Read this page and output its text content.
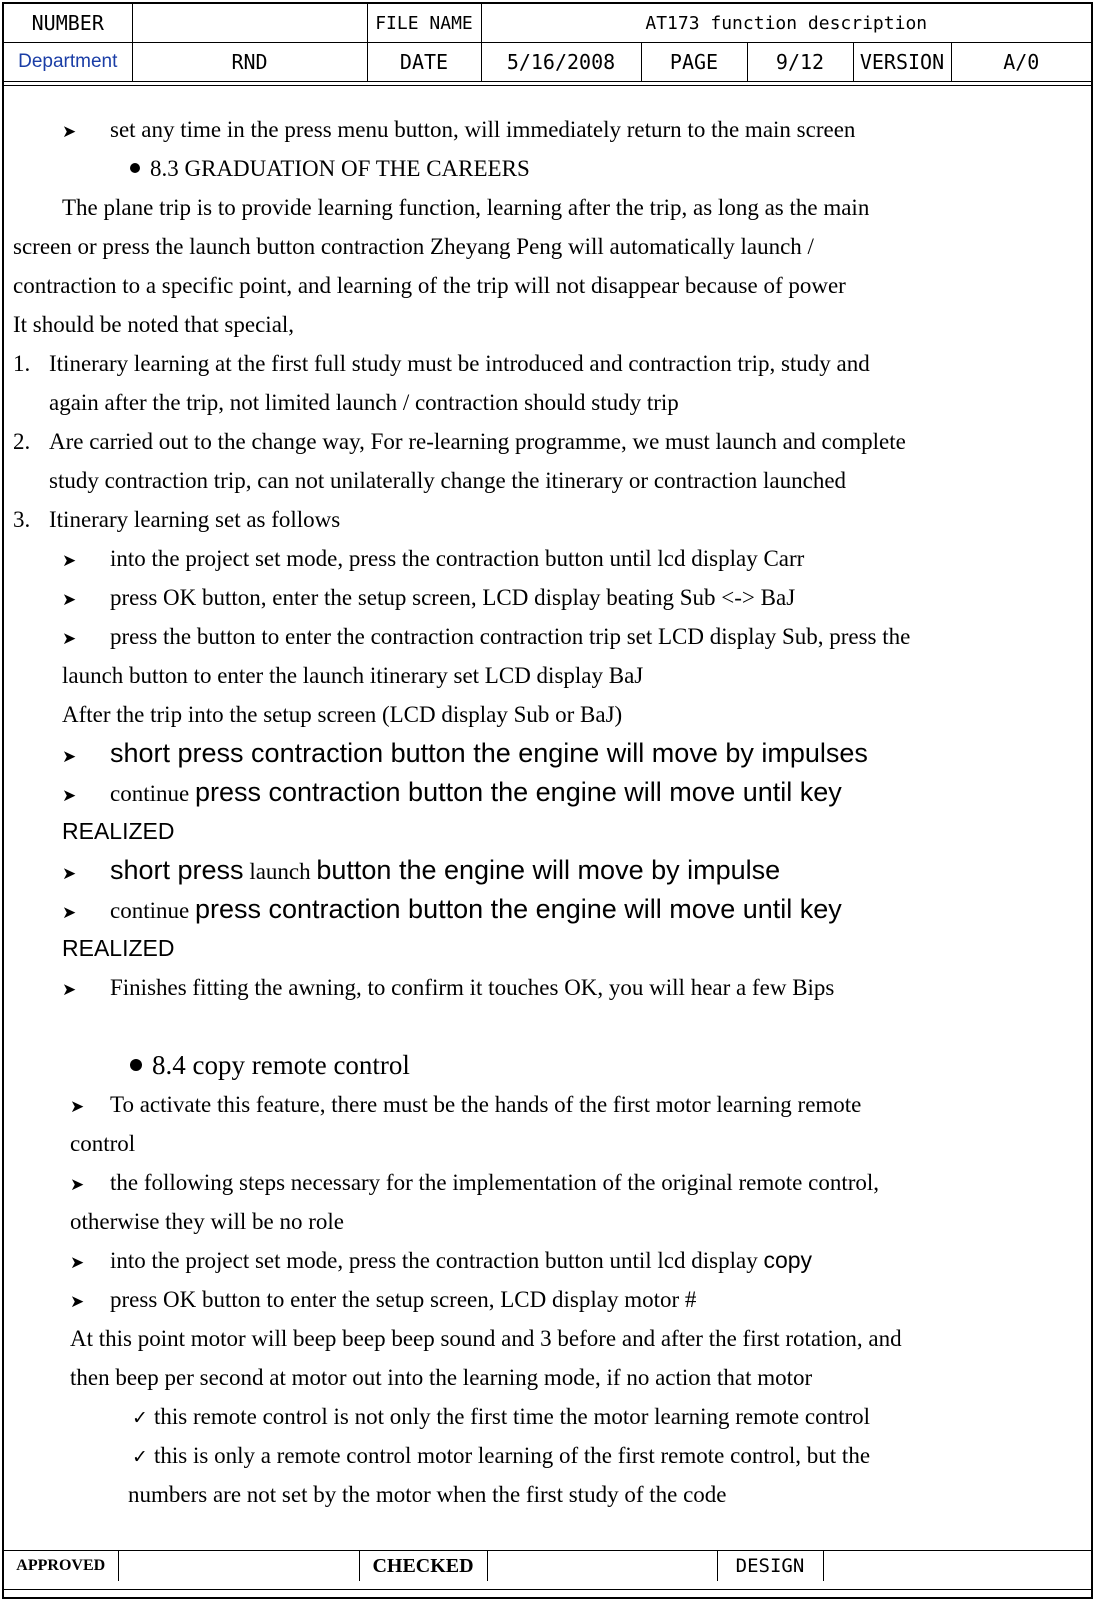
NUMBER		FILE NAME	AT173 function description				
Department	RND	DATE	5/16/2008	PAGE	9/12	VERSION	A/0
➤ set any time in the press menu button, will immediately return to the main screen
8.3 GRADUATION OF THE CAREERS
The plane trip is to provide learning function, learning after the trip, as long as the main
screen or press the launch button contraction Zheyang Peng will automatically launch /
contraction to a specific point, and learning of the trip will not disappear because of power
It should be noted that special,
1. Itinerary learning at the first full study must be introduced and contraction trip, study and
again after the trip, not limited launch / contraction should study trip
2. Are carried out to the change way, For re-learning programme, we must launch and complete
study contraction trip, can not unilaterally change the itinerary or contraction launched
3. Itinerary learning set as follows
➤ into the project set mode, press the contraction button until lcd display Carr
➤ press OK button, enter the setup screen, LCD display beating Sub <-> BaJ
➤ press the button to enter the contraction contraction trip set LCD display Sub, press the
launch button to enter the launch itinerary set LCD display BaJ
After the trip into the setup screen (LCD display Sub or BaJ)
➤ short press contraction button the engine will move by impulses
➤ continue press contraction button the engine will move until key
REALIZED
➤ short press launch button the engine will move by impulse
➤ continue press contraction button the engine will move until key
REALIZED
➤ Finishes fitting the awning, to confirm it touches OK, you will hear a few Bips
8.4 copy remote control
➤ To activate this feature, there must be the hands of the first motor learning remote
control
➤ the following steps necessary for the implementation of the original remote control,
otherwise they will be no role
➤ into the project set mode, press the contraction button until lcd display copy
➤ press OK button to enter the setup screen, LCD display motor #
At this point motor will beep beep beep sound and 3 before and after the first rotation, and
then beep per second at motor out into the learning mode, if no action that motor
✓ this remote control is not only the first time the motor learning remote control
✓ this is only a remote control motor learning of the first remote control, but the
numbers are not set by the motor when the first study of the code
APPROVED		CHECKED		DESIGN	
